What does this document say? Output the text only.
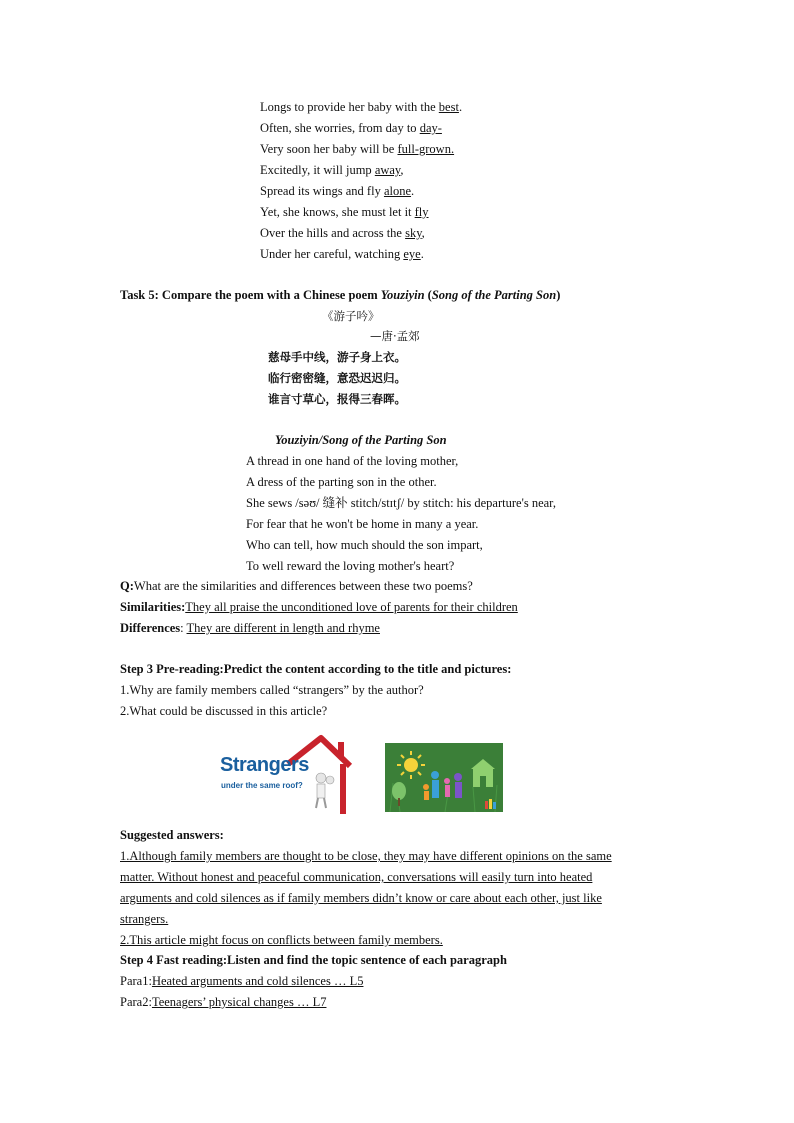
Longs to provide her baby with the best.
Often, she worries, from day to day-
Very soon her baby will be full-grown.
Excitedly, it will jump away,
Spread its wings and fly alone.
Yet, she knows, she must let it fly
Over the hills and across the sky,
Under her careful, watching eye.
Task 5: Compare the poem with a Chinese poem Youziyin (Song of the Parting Son)
《游子吟》
—唐·孟郊
慈母手中线，游子身上衣。
临行密密缝，意恐迟迟归。
谁言寸草心，报得三春晖。
Youziyin/Song of the Parting Son
A thread in one hand of the loving mother,
A dress of the parting son in the other.
She sews /səʊ/ 缝补 stitch/stɪtʃ/ by stitch: his departure's near,
For fear that he won't be home in many a year.
Who can tell, how much should the son impart,
To well reward the loving mother's heart?
Q:What are the similarities and differences between these two poems?
Similarities:They all praise the unconditioned love of parents for their children
Differences: They are different in length and rhyme
Step 3 Pre-reading:Predict the content according to the title and pictures:
1.Why are family members called “strangers” by the author?
2.What could be discussed in this article?
Strangers
under the same roof?
Suggested answers:
1.Although family members are thought to be close, they may have different opinions on the same
matter. Without honest and peaceful communication, conversations will easily turn into heated
arguments and cold silences as if family members didn’t know or care about each other, just like
strangers.
2.This article might focus on conflicts between family members.
Step 4 Fast reading:Listen and find the topic sentence of each paragraph
Para1:Heated arguments and cold silences … L5
Para2:Teenagers’ physical changes … L7
